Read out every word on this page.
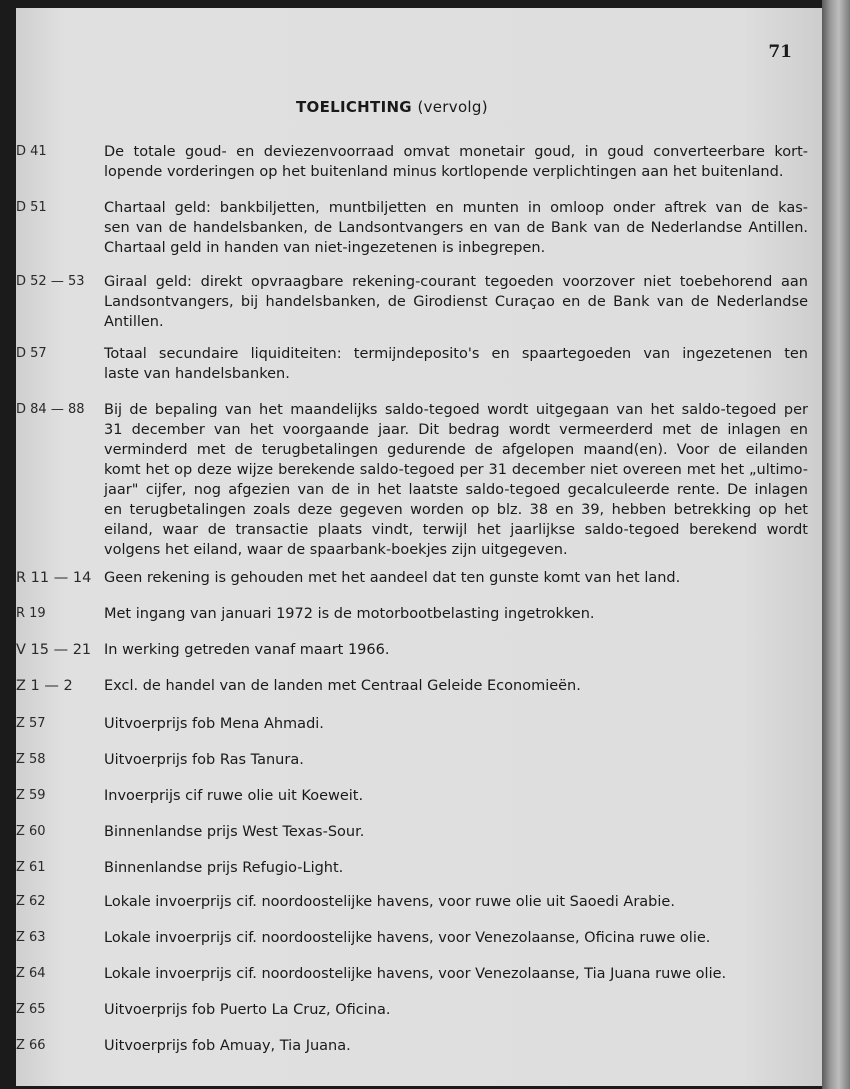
71
TOELICHTING (vervolg)
D 41	De totale goud- en deviezenvoorraad omvat monetair goud, in goud converteerbare kort-
lopende vorderingen op het buitenland minus kortlopende verplichtingen aan het buitenland.
D 51	Chartaal geld: bankbiljetten, muntbiljetten en munten in omloop onder aftrek van de kas-
sen van de handelsbanken, de Landsontvangers en van de Bank van de Nederlandse Antillen.
Chartaal geld in handen van niet-ingezetenen is inbegrepen.
D 52 — 53 Giraal geld: direkt opvraagbare rekening-courant tegoeden voorzover niet toebehorend aan
Landsontvangers, bij handelsbanken, de Girodienst Curaçao en de Bank van de Nederlandse
Antillen.
D 57	Totaal secundaire liquiditeiten: termijndeposito's en spaartegoeden van ingezetenen ten
laste van handelsbanken.
D 84 — 88 Bij de bepaling van het maandelijks saldo-tegoed wordt uitgegaan van het saldo-tegoed per
31 december van het voorgaande jaar. Dit bedrag wordt vermeerderd met de inlagen en
verminderd met de terugbetalingen gedurende de afgelopen maand(en). Voor de eilanden
komt het op deze wijze berekende saldo-tegoed per 31 december niet overeen met het „ultimo-
jaar" cijfer, nog afgezien van de in het laatste saldo-tegoed gecalculeerde rente. De inlagen
en terugbetalingen zoals deze gegeven worden op blz. 38 en 39, hebben betrekking op het
eiland, waar de transactie plaats vindt, terwijl het jaarlijkse saldo-tegoed berekend wordt
volgens het eiland, waar de spaarbank-boekjes zijn uitgegeven.
R 11 — 14 Geen rekening is gehouden met het aandeel dat ten gunste komt van het land.
R 19	Met ingang van januari 1972 is de motorbootbelasting ingetrokken.
V 15 — 21 In werking getreden vanaf maart 1966.
Z 1 — 2 Excl. de handel van de landen met Centraal Geleide Economieën.
Z 57	Uitvoerprijs fob Mena Ahmadi.
Z 58	Uitvoerprijs fob Ras Tanura.
Z 59	Invoerprijs cif ruwe olie uit Koeweit.
Z 60	Binnenlandse prijs West Texas-Sour.
Z 61	Binnenlandse prijs Refugio-Light.
Z 62	Lokale invoerprijs cif. noordoostelijke havens, voor ruwe olie uit Saoedi Arabie.
Z 63	Lokale invoerprijs cif. noordoostelijke havens, voor Venezolaanse, Oficina ruwe olie.
Z 64	Lokale invoerprijs cif. noordoostelijke havens, voor Venezolaanse, Tia Juana ruwe olie.
Z 65	Uitvoerprijs fob Puerto La Cruz, Oficina.
Z 66	Uitvoerprijs fob Amuay, Tia Juana.
